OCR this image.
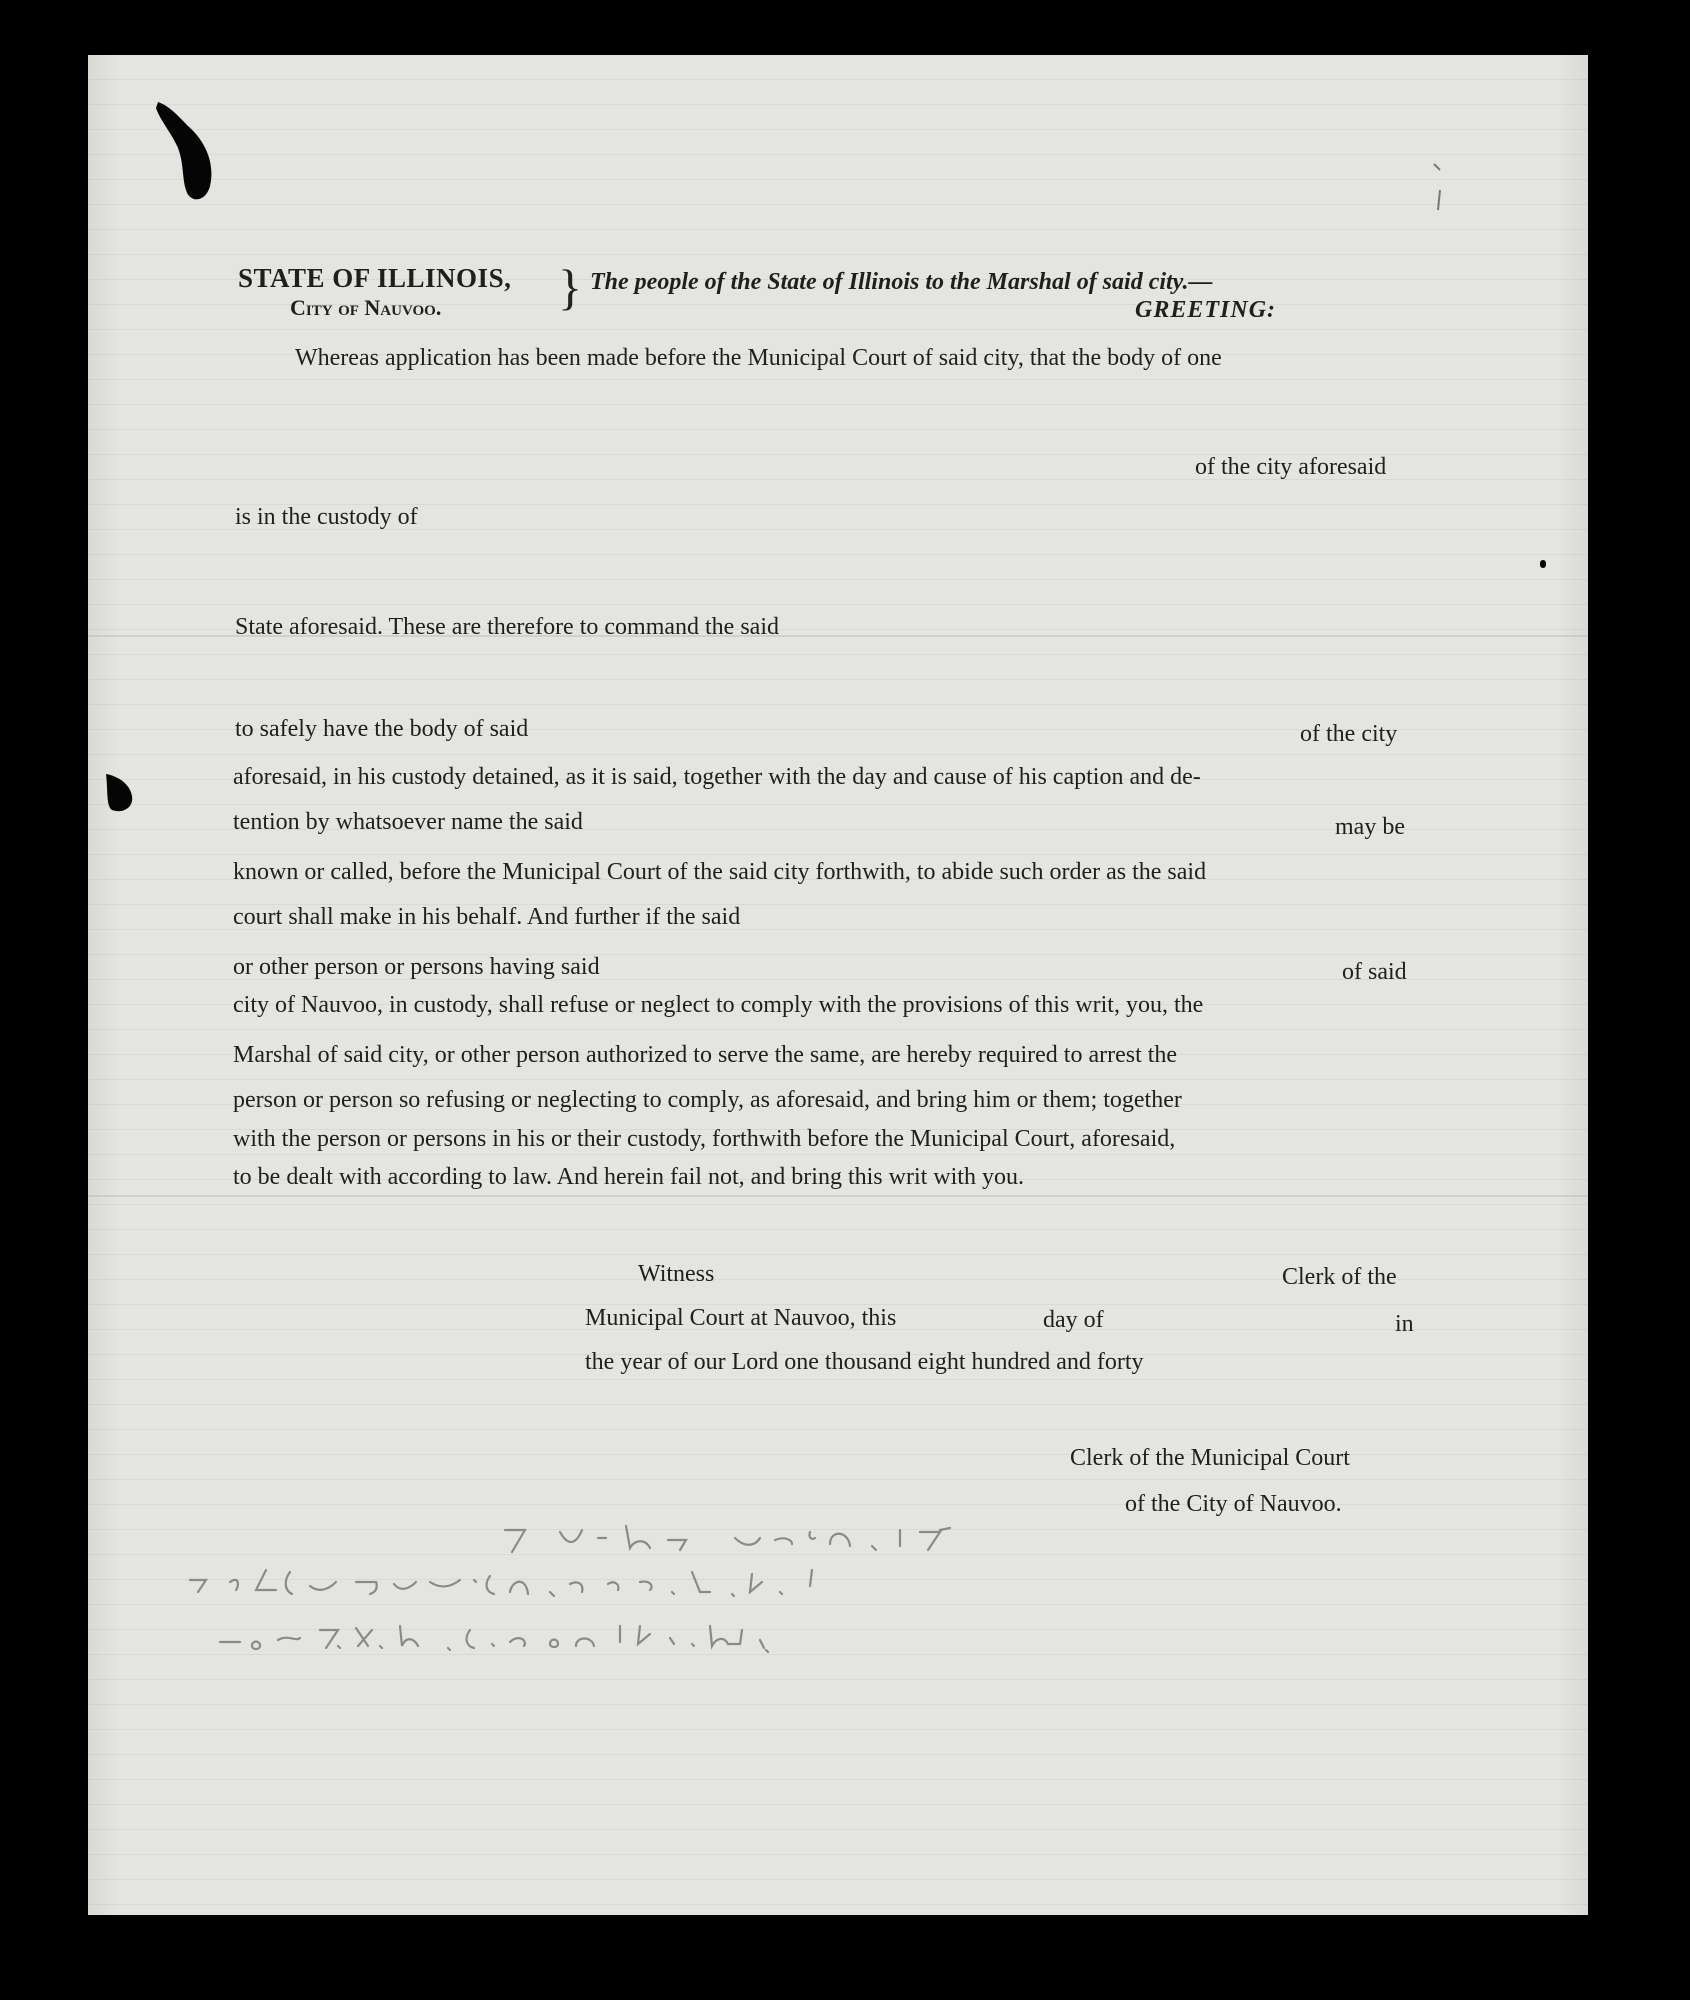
STATE OF ILLINOIS,
City of Nauvoo. } The people of the State of Illinois to the Marshal of said city.—
GREETING:
Whereas application has been made before the Municipal Court of said city, that the body of one
of the city aforesaid
is in the custody of
State aforesaid. These are therefore to command the said
to safely have the body of said	of the city
aforesaid, in his custody detained, as it is said, together with the day and cause of his caption and de-
tention by whatsoever name the said	may be
known or called, before the Municipal Court of the said city forthwith, to abide such order as the said
court shall make in his behalf. And further if the said
or other person or persons having said	of said
city of Nauvoo, in custody, shall refuse or neglect to comply with the provisions of this writ, you, the
Marshal of said city, or other person authorized to serve the same, are hereby required to arrest the
person or person so refusing or neglecting to comply, as aforesaid, and bring him or them; together
with the person or persons in his or their custody, forthwith before the Municipal Court, aforesaid,
to be dealt with according to law. And herein fail not, and bring this writ with you.
Witness	Clerk of the
Municipal Court at Nauvoo, this	day of	in
the year of our Lord one thousand eight hundred and forty
Clerk of the Municipal Court
of the City of Nauvoo.
